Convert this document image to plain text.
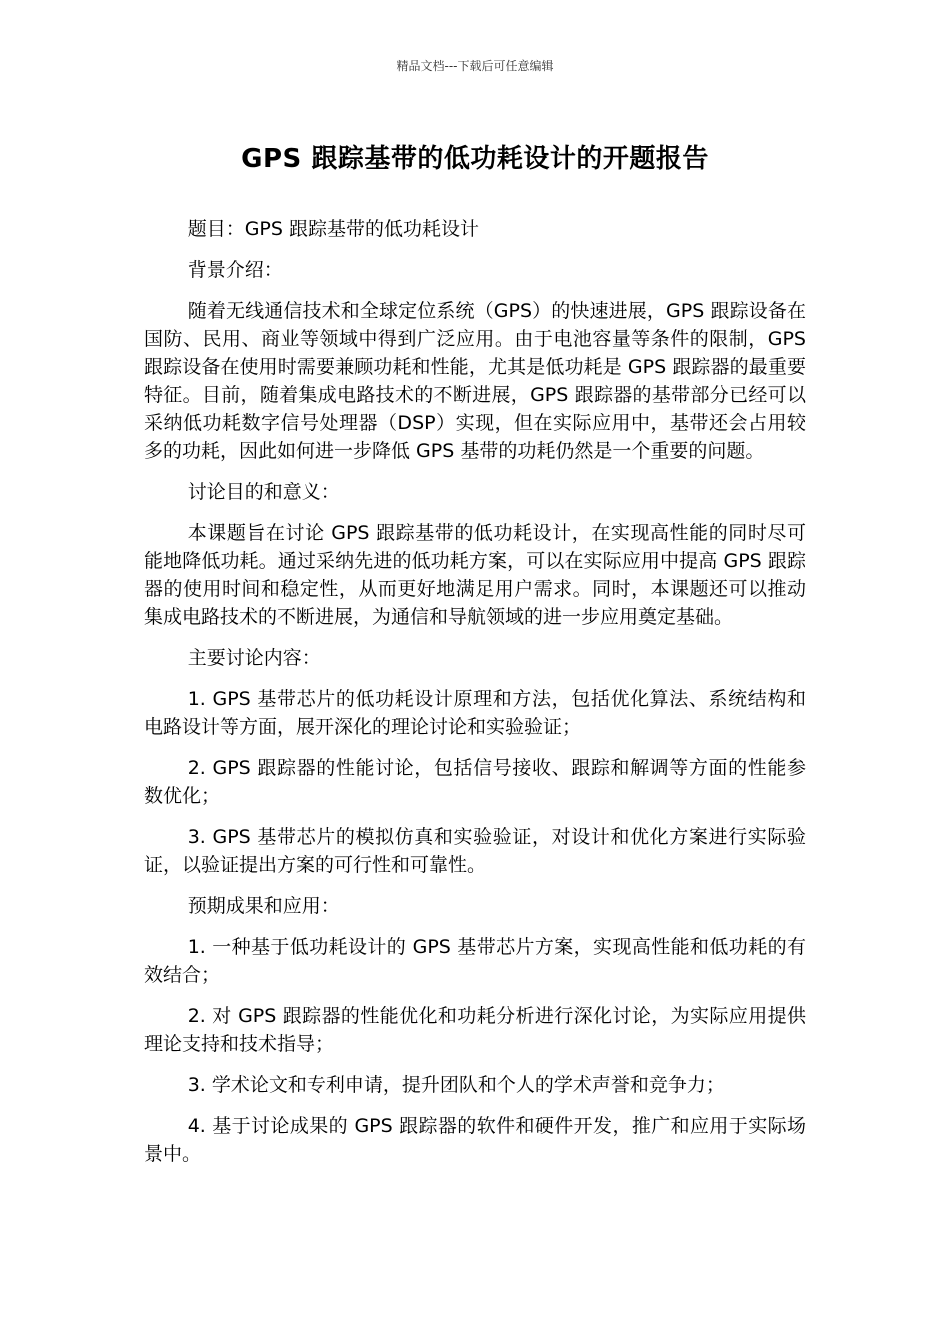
精品文档---下载后可任意编辑
GPS 跟踪基带的低功耗设计的开题报告

题目：GPS 跟踪基带的低功耗设计

背景介绍：

随着无线通信技术和全球定位系统（GPS）的快速进展，GPS 跟踪设备在国防、民用、商业等领域中得到广泛应用。由于电池容量等条件的限制，GPS 跟踪设备在使用时需要兼顾功耗和性能，尤其是低功耗是 GPS 跟踪器的最重要特征。目前，随着集成电路技术的不断进展，GPS 跟踪器的基带部分已经可以采纳低功耗数字信号处理器（DSP）实现，但在实际应用中，基带还会占用较多的功耗，因此如何进一步降低 GPS 基带的功耗仍然是一个重要的问题。

讨论目的和意义：

本课题旨在讨论 GPS 跟踪基带的低功耗设计，在实现高性能的同时尽可能地降低功耗。通过采纳先进的低功耗方案，可以在实际应用中提高 GPS 跟踪器的使用时间和稳定性，从而更好地满足用户需求。同时，本课题还可以推动集成电路技术的不断进展，为通信和导航领域的进一步应用奠定基础。

主要讨论内容：

1. GPS 基带芯片的低功耗设计原理和方法，包括优化算法、系统结构和电路设计等方面，展开深化的理论讨论和实验验证；

2. GPS 跟踪器的性能讨论，包括信号接收、跟踪和解调等方面的性能参数优化；

3. GPS 基带芯片的模拟仿真和实验验证，对设计和优化方案进行实际验证，以验证提出方案的可行性和可靠性。

预期成果和应用：

1. 一种基于低功耗设计的 GPS 基带芯片方案，实现高性能和低功耗的有效结合；

2. 对 GPS 跟踪器的性能优化和功耗分析进行深化讨论，为实际应用提供理论支持和技术指导；

3. 学术论文和专利申请，提升团队和个人的学术声誉和竞争力；

4. 基于讨论成果的 GPS 跟踪器的软件和硬件开发，推广和应用于实际场景中。
